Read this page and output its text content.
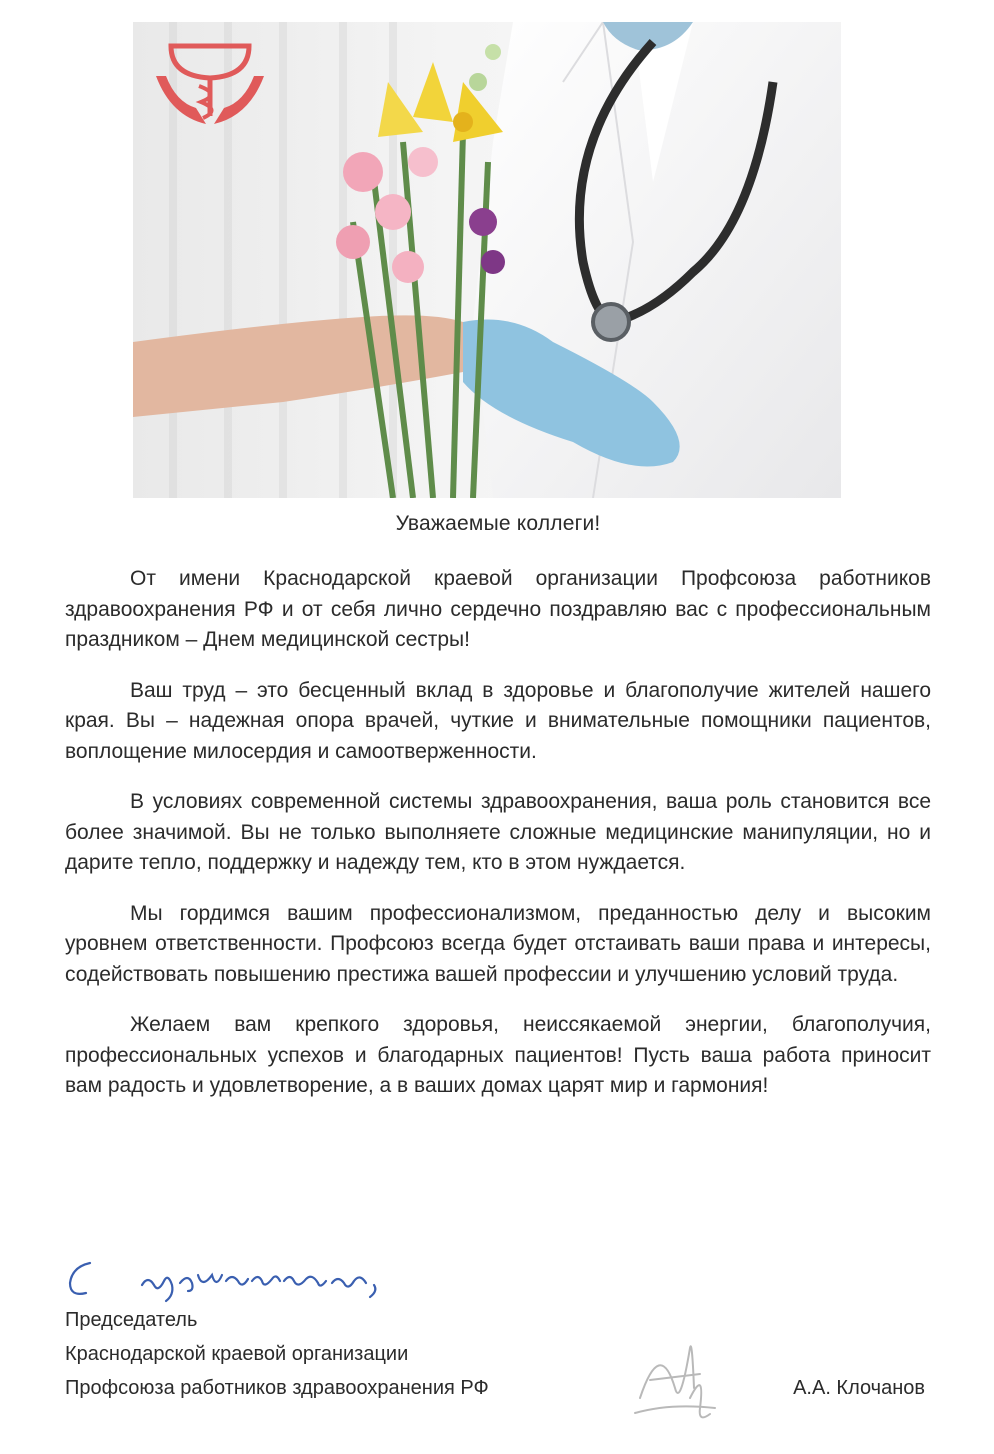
Уважаемые коллеги!

От имени Краснодарской краевой организации Профсоюза работников здравоохранения РФ и от себя лично сердечно поздравляю вас с профессиональным праздником – Днем медицинской сестры!

Ваш труд – это бесценный вклад в здоровье и благополучие жителей нашего края. Вы – надежная опора врачей, чуткие и внимательные помощники пациентов, воплощение милосердия и самоотверженности.

В условиях современной системы здравоохранения, ваша роль становится все более значимой. Вы не только выполняете сложные медицинские манипуляции, но и дарите тепло, поддержку и надежду тем, кто в этом нуждается.

Мы гордимся вашим профессионализмом, преданностью делу и высоким уровнем ответственности. Профсоюз всегда будет отстаивать ваши права и интересы, содействовать повышению престижа вашей профессии и улучшению условий труда.

Желаем вам крепкого здоровья, неиссякаемой энергии, благополучия, профессиональных успехов и благодарных пациентов! Пусть ваша работа приносит вам радость и удовлетворение, а в ваших домах царят мир и гармония!

Председатель
Краснодарской краевой организации
Профсоюза работников здравоохранения РФ	А.А. Клочанов
